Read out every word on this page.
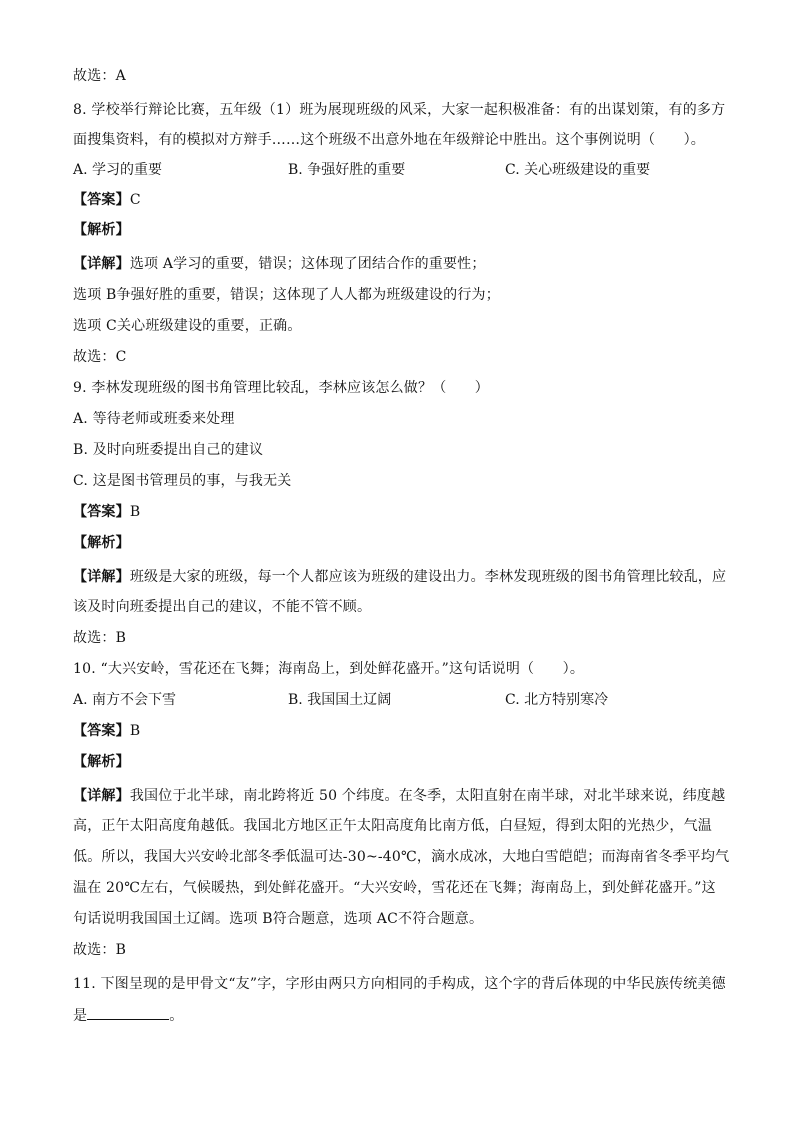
故选：A
8. 学校举行辩论比赛，五年级（1）班为展现班级的风采，大家一起积极准备：有的出谋划策，有的多方
面搜集资料，有的模拟对方辩手……这个班级不出意外地在年级辩论中胜出。这个事例说明（　　）。
A. 学习的重要	B. 争强好胜的重要	C. 关心班级建设的重要
【答案】C
【解析】
【详解】选项 A学习的重要，错误；这体现了团结合作的重要性；
选项 B争强好胜的重要，错误；这体现了人人都为班级建设的行为；
选项 C关心班级建设的重要，正确。
故选：C
9. 李林发现班级的图书角管理比较乱，李林应该怎么做？（　　）
A. 等待老师或班委来处理
B. 及时向班委提出自己的建议
C. 这是图书管理员的事，与我无关
【答案】B
【解析】
【详解】班级是大家的班级，每一个人都应该为班级的建设出力。李林发现班级的图书角管理比较乱，应
该及时向班委提出自己的建议，不能不管不顾。
故选：B
10. “大兴安岭，雪花还在飞舞；海南岛上，到处鲜花盛开。”这句话说明（　　）。
A. 南方不会下雪	B. 我国国土辽阔	C. 北方特别寒冷
【答案】B
【解析】
【详解】我国位于北半球，南北跨将近 50 个纬度。在冬季，太阳直射在南半球，对北半球来说，纬度越
高，正午太阳高度角越低。我国北方地区正午太阳高度角比南方低，白昼短，得到太阳的光热少，气温
低。所以，我国大兴安岭北部冬季低温可达-30~-40℃，滴水成冰，大地白雪皑皑；而海南省冬季平均气
温在 20℃左右，气候暖热，到处鲜花盛开。“大兴安岭，雪花还在飞舞；海南岛上，到处鲜花盛开。”这
句话说明我国国土辽阔。选项 B符合题意，选项 AC不符合题意。
故选：B
11. 下图呈现的是甲骨文“友”字，字形由两只方向相同的手构成，这个字的背后体现的中华民族传统美德
是	。
